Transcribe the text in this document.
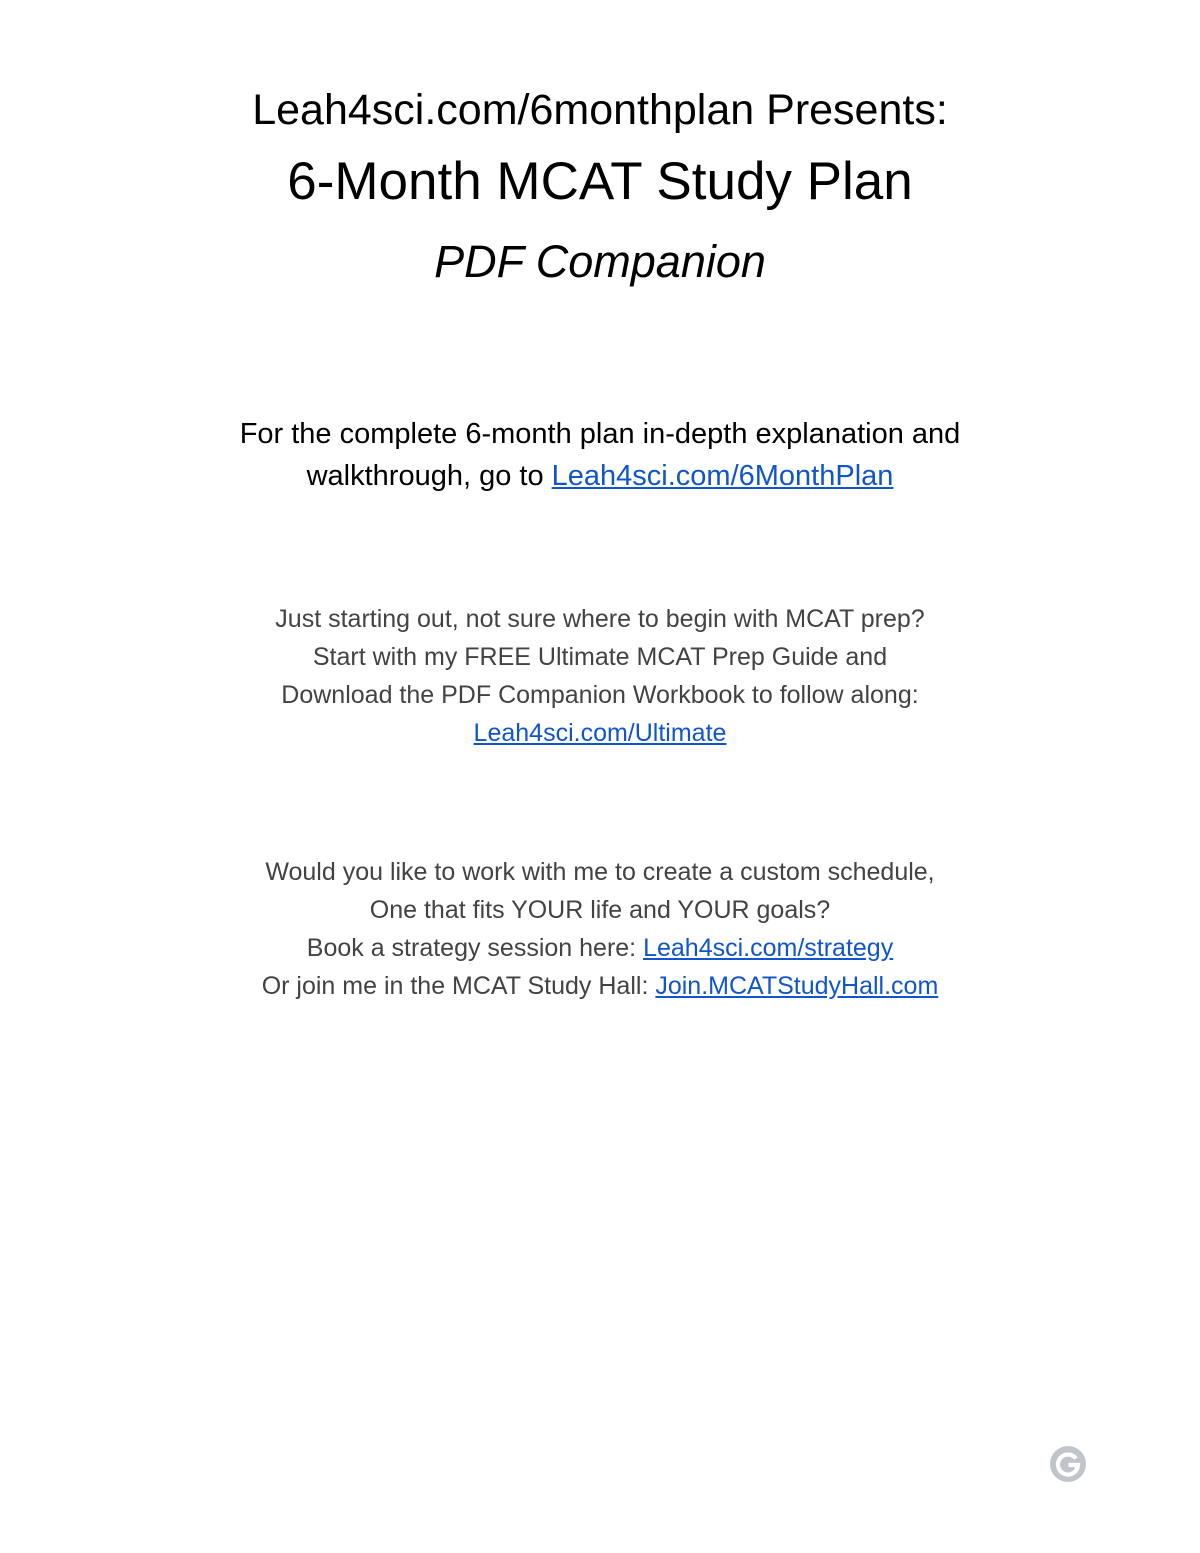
Leah4sci.com/6monthplan Presents:
6-Month MCAT Study Plan
PDF Companion
For the complete 6-month plan in-depth explanation and
walkthrough, go to Leah4sci.com/6MonthPlan
Just starting out, not sure where to begin with MCAT prep?
Start with my FREE Ultimate MCAT Prep Guide and
Download the PDF Companion Workbook to follow along:
Leah4sci.com/Ultimate
Would you like to work with me to create a custom schedule,
One that fits YOUR life and YOUR goals?
Book a strategy session here: Leah4sci.com/strategy
Or join me in the MCAT Study Hall: Join.MCATStudyHall.com
